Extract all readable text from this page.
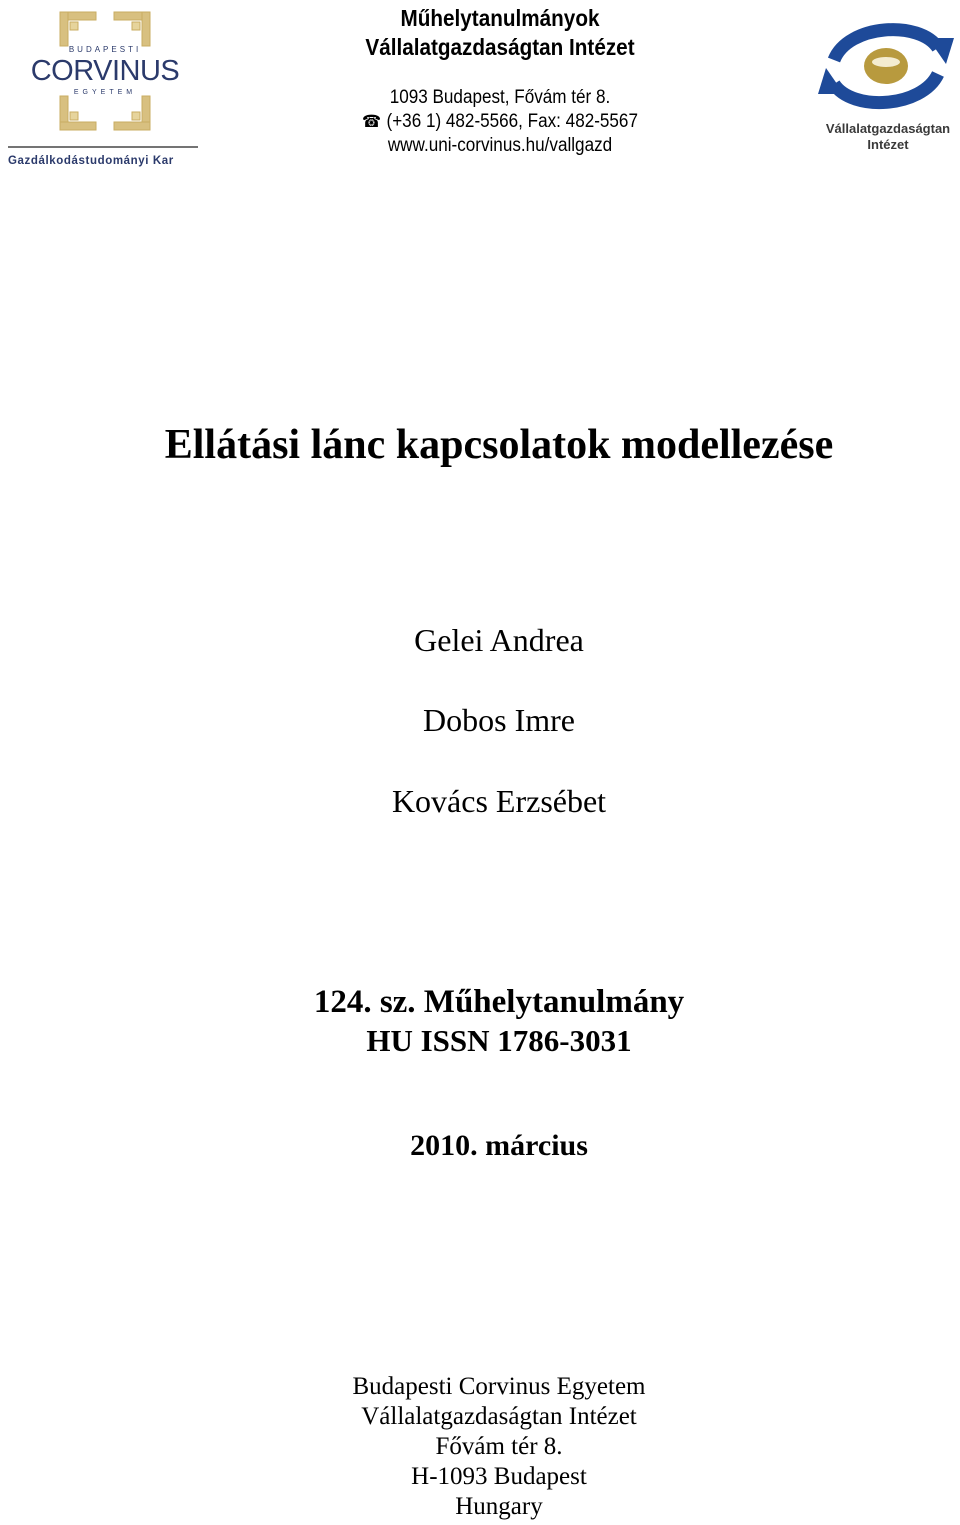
BUDAPESTI
CORVINUS
EGYETEM
Gazdálkodástudományi Kar
Műhelytanulmányok
Vállalatgazdaságtan Intézet
1093 Budapest, Fővám tér 8.
☎ (+36 1) 482-5566, Fax: 482-5567
www.uni-corvinus.hu/vallgazd
Vállalatgazdaságtan
Intézet
Ellátási lánc kapcsolatok modellezése
Gelei Andrea
Dobos Imre
Kovács Erzsébet
124. sz. Műhelytanulmány
HU ISSN 1786-3031
2010. március
Budapesti Corvinus Egyetem
Vállalatgazdaságtan Intézet
Fővám tér 8.
H-1093 Budapest
Hungary
